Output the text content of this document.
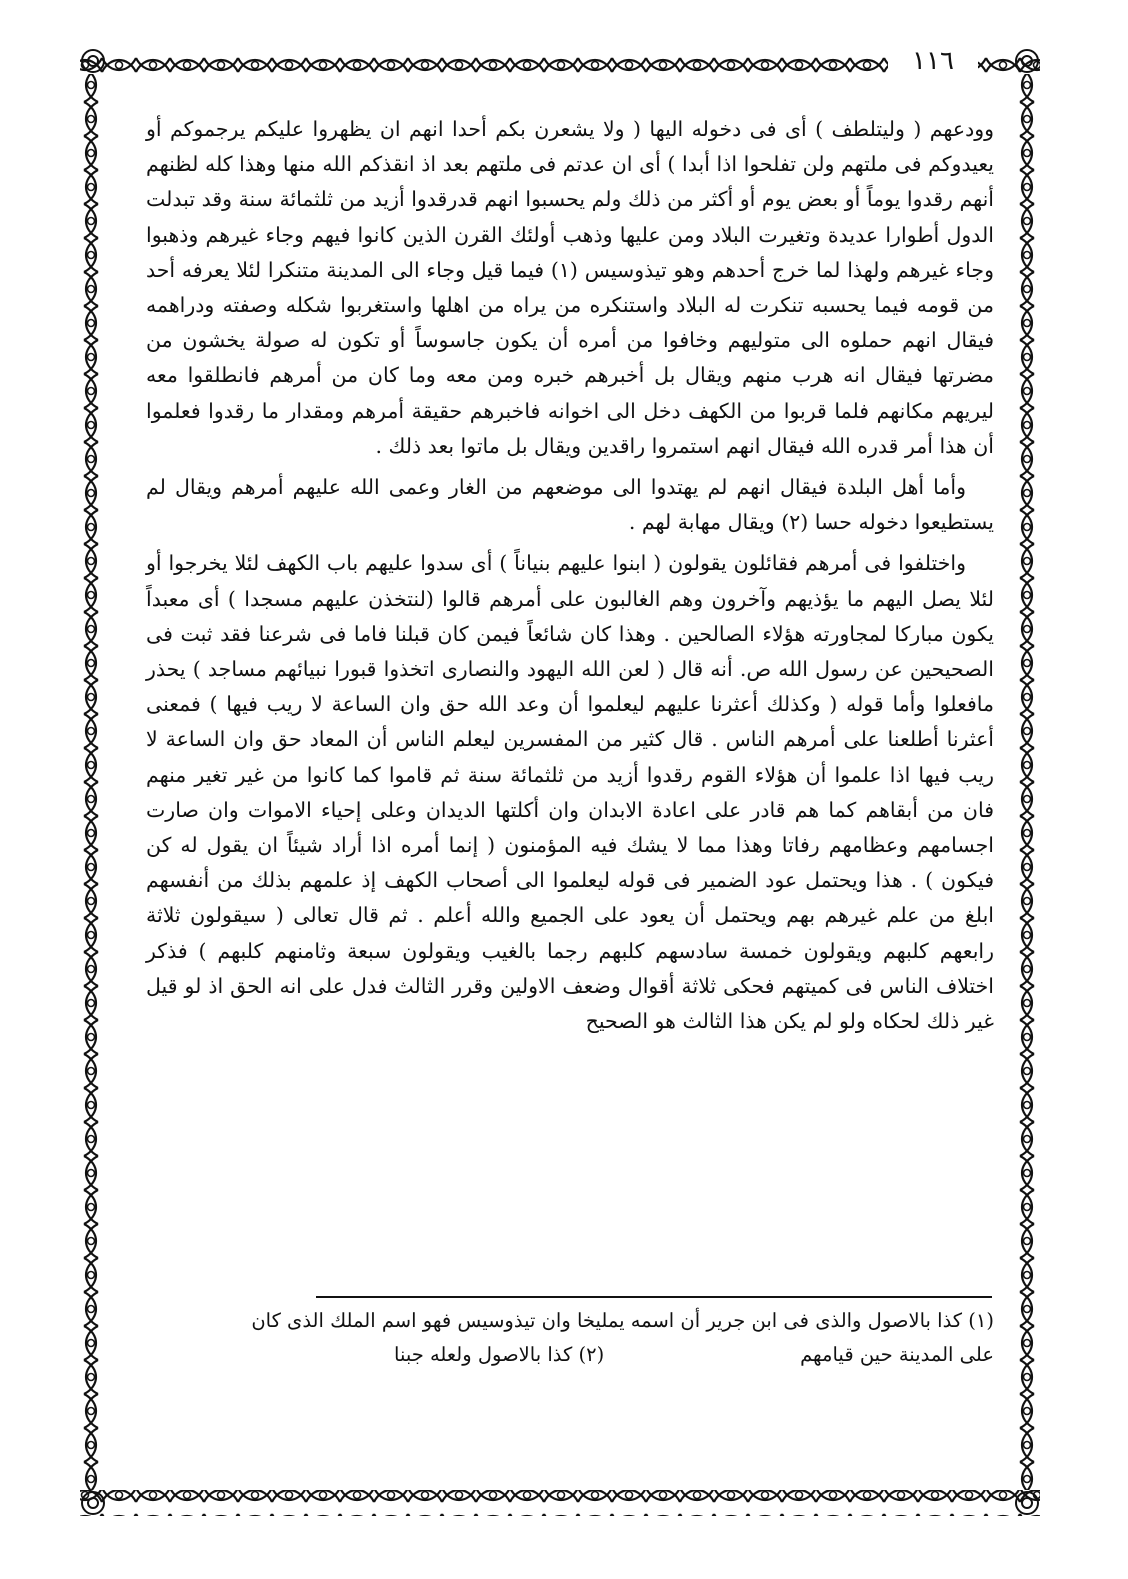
١١٦

وودعهم ( وليتلطف ) أى فى دخوله اليها ( ولا يشعرن بكم أحدا انهم ان يظهروا عليكم يرجموكم أو يعيدوكم فى ملتهم ولن تفلحوا اذا أبدا ) أى ان عدتم فى ملتهم بعد اذ انقذكم الله منها وهذا كله لظنهم أنهم رقدوا يوماً أو بعض يوم أو أكثر من ذلك ولم يحسبوا انهم قدرقدوا أزيد من ثلثمائة سنة وقد تبدلت الدول أطوارا عديدة وتغيرت البلاد ومن عليها وذهب أولئك القرن الذين كانوا فيهم وجاء غيرهم وذهبوا وجاء غيرهم ولهذا لما خرج أحدهم وهو تيذوسيس (١) فيما قيل وجاء الى المدينة متنكرا لئلا يعرفه أحد من قومه فيما يحسبه تنكرت له البلاد واستنكره من يراه من اهلها واستغربوا شكله وصفته ودراهمه فيقال انهم حملوه الى متوليهم وخافوا من أمره أن يكون جاسوساً أو تكون له صولة يخشون من مضرتها فيقال انه هرب منهم ويقال بل أخبرهم خبره ومن معه وما كان من أمرهم فانطلقوا معه ليريهم مكانهم فلما قربوا من الكهف دخل الى اخوانه فاخبرهم حقيقة أمرهم ومقدار ما رقدوا فعلموا أن هذا أمر قدره الله فيقال انهم استمروا راقدين ويقال بل ماتوا بعد ذلك .

وأما أهل البلدة فيقال انهم لم يهتدوا الى موضعهم من الغار وعمى الله عليهم أمرهم ويقال لم يستطيعوا دخوله حسا (٢) ويقال مهابة لهم .

واختلفوا فى أمرهم فقائلون يقولون ( ابنوا عليهم بنياناً ) أى سدوا عليهم باب الكهف لئلا يخرجوا أو لئلا يصل اليهم ما يؤذيهم وآخرون وهم الغالبون على أمرهم قالوا (لنتخذن عليهم مسجدا ) أى معبداً يكون مباركا لمجاورته هؤلاء الصالحين . وهذا كان شائعاً فيمن كان قبلنا فاما فى شرعنا فقد ثبت فى الصحيحين عن رسول الله ص. أنه قال ( لعن الله اليهود والنصارى اتخذوا قبورا نبيائهم مساجد ) يحذر مافعلوا وأما قوله ( وكذلك أعثرنا عليهم ليعلموا أن وعد الله حق وان الساعة لا ريب فيها ) فمعنى أعثرنا أطلعنا على أمرهم الناس . قال كثير من المفسرين ليعلم الناس أن المعاد حق وان الساعة لا ريب فيها اذا علموا أن هؤلاء القوم رقدوا أزيد من ثلثمائة سنة ثم قاموا كما كانوا من غير تغير منهم فان من أبقاهم كما هم قادر على اعادة الابدان وان أكلتها الديدان وعلى إحياء الاموات وان صارت اجسامهم وعظامهم رفاتا وهذا مما لا يشك فيه المؤمنون ( إنما أمره اذا أراد شيئاً ان يقول له كن فيكون ) . هذا ويحتمل عود الضمير فى قوله ليعلموا الى أصحاب الكهف إذ علمهم بذلك من أنفسهم ابلغ من علم غيرهم بهم ويحتمل أن يعود على الجميع والله أعلم . ثم قال تعالى ( سيقولون ثلاثة رابعهم كلبهم ويقولون خمسة سادسهم كلبهم رجما بالغيب ويقولون سبعة وثامنهم كلبهم ) فذكر اختلاف الناس فى كميتهم فحكى ثلاثة أقوال وضعف الاولين وقرر الثالث فدل على انه الحق اذ لو قيل غير ذلك لحكاه ولو لم يكن هذا الثالث هو الصحيح

(١) كذا بالاصول والذى فى ابن جرير أن اسمه يمليخا وان تيذوسيس فهو اسم الملك الذى كان

على المدينة حين قيامهم

(٢) كذا بالاصول ولعله جبنا
